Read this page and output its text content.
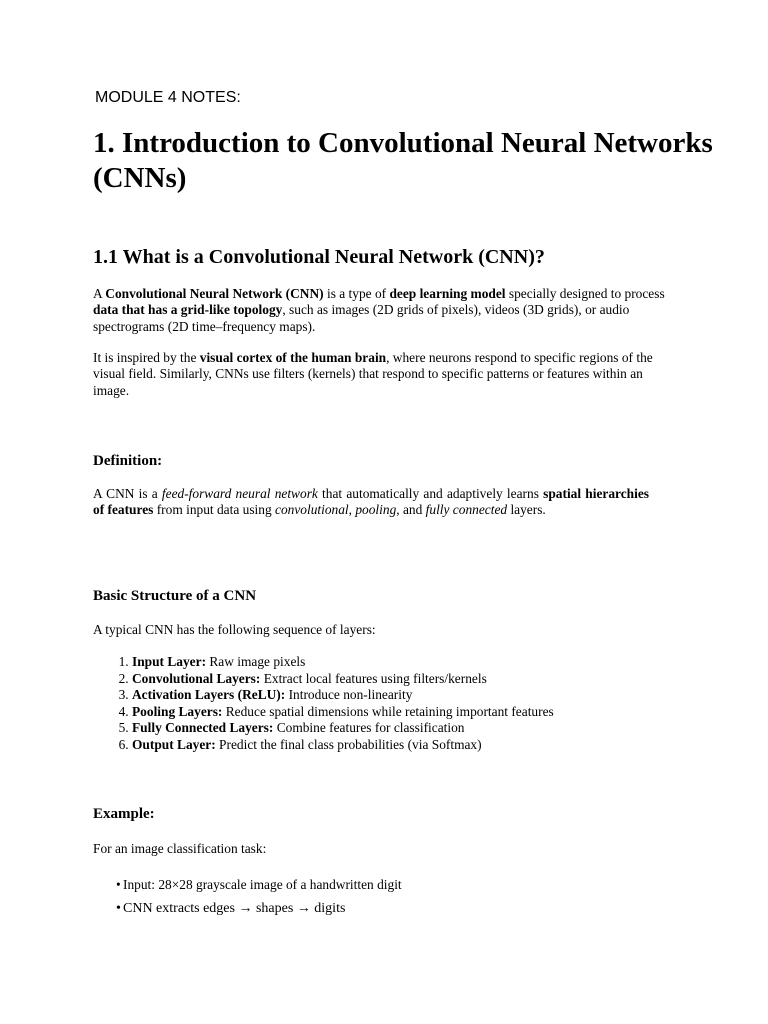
MODULE 4 NOTES:

1. Introduction to Convolutional Neural Networks (CNNs)
1.1 What is a Convolutional Neural Network (CNN)?

A Convolutional Neural Network (CNN) is a type of deep learning model specially designed to process data that has a grid-like topology, such as images (2D grids of pixels), videos (3D grids), or audio spectrograms (2D time–frequency maps).

It is inspired by the visual cortex of the human brain, where neurons respond to specific regions of the visual field. Similarly, CNNs use filters (kernels) that respond to specific patterns or features within an image.

Definition:

A CNN is a feed-forward neural network that automatically and adaptively learns spatial hierarchies of features from input data using convolutional, pooling, and fully connected layers.

Basic Structure of a CNN

A typical CNN has the following sequence of layers:

1. Input Layer: Raw image pixels
2. Convolutional Layers: Extract local features using filters/kernels
3. Activation Layers (ReLU): Introduce non-linearity
4. Pooling Layers: Reduce spatial dimensions while retaining important features
5. Fully Connected Layers: Combine features for classification
6. Output Layer: Predict the final class probabilities (via Softmax)
Example:

For an image classification task:

• Input: 28×28 grayscale image of a handwritten digit
• CNN extracts edges → shapes → digits
